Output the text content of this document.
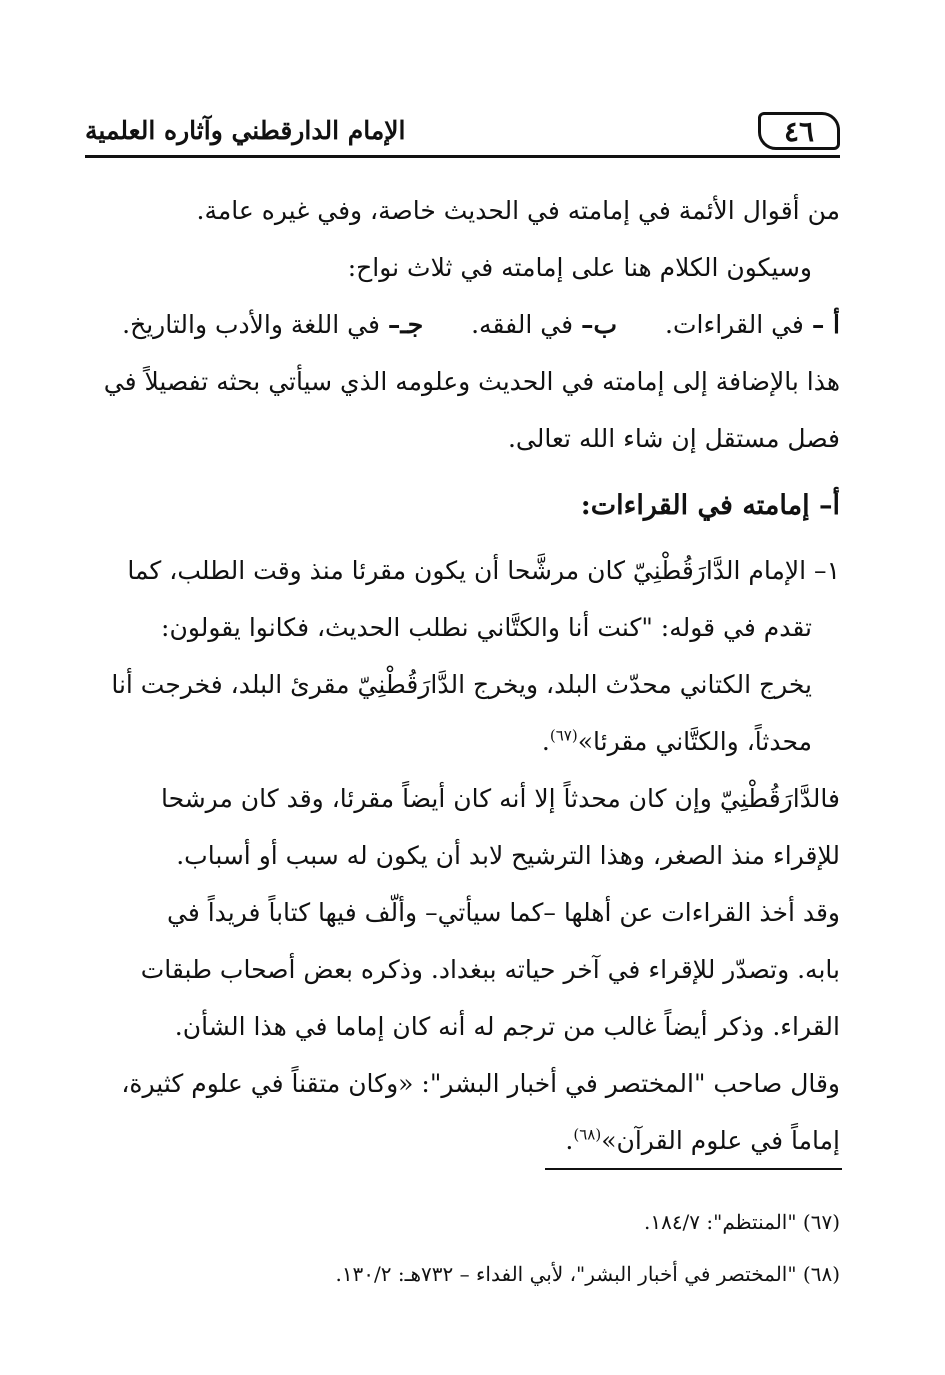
٤٦
الإمام الدارقطني وآثاره العلمية

من أقوال الأئمة في إمامته في الحديث خاصة، وفي غيره عامة.

وسيكون الكلام هنا على إمامته في ثلاث نواح:

أ – في القراءات. ب– في الفقه. جـ– في اللغة والأدب والتاريخ.

هذا بالإضافة إلى إمامته في الحديث وعلومه الذي سيأتي بحثه تفصيلاً في
فصل مستقل إن شاء الله تعالى.

أ– إمامته في القراءات:

١– الإمام الدَّارَقُطْنِيّ كان مرشَّحا أن يكون مقرئا منذ وقت الطلب، كما
تقدم في قوله: "كنت أنا والكتَّاني نطلب الحديث، فكانوا يقولون:
يخرج الكتاني محدّث البلد، ويخرج الدَّارَقُطْنِيّ مقرئ البلد، فخرجت أنا
محدثاً، والكتَّاني مقرئا»$^{(٦٧)}$.

فالدَّارَقُطْنِيّ وإن كان محدثاً إلا أنه كان أيضاً مقرئا، وقد كان مرشحا
للإقراء منذ الصغر، وهذا الترشيح لابد أن يكون له سبب أو أسباب.

وقد أخذ القراءات عن أهلها –كما سيأتي– وألّف فيها كتاباً فريداً في
بابه. وتصدّر للإقراء في آخر حياته ببغداد. وذكره بعض أصحاب طبقات
القراء. وذكر أيضاً غالب من ترجم له أنه كان إماما في هذا الشأن.

وقال صاحب "المختصر في أخبار البشر": «وكان متقناً في علوم كثيرة،
إماماً في علوم القرآن»$^{(٦٨)}$.

(٦٧) "المنتظم": ١٨٤/٧.
(٦٨) "المختصر في أخبار البشر"، لأبي الفداء – ٧٣٢هـ: ١٣٠/٢.
